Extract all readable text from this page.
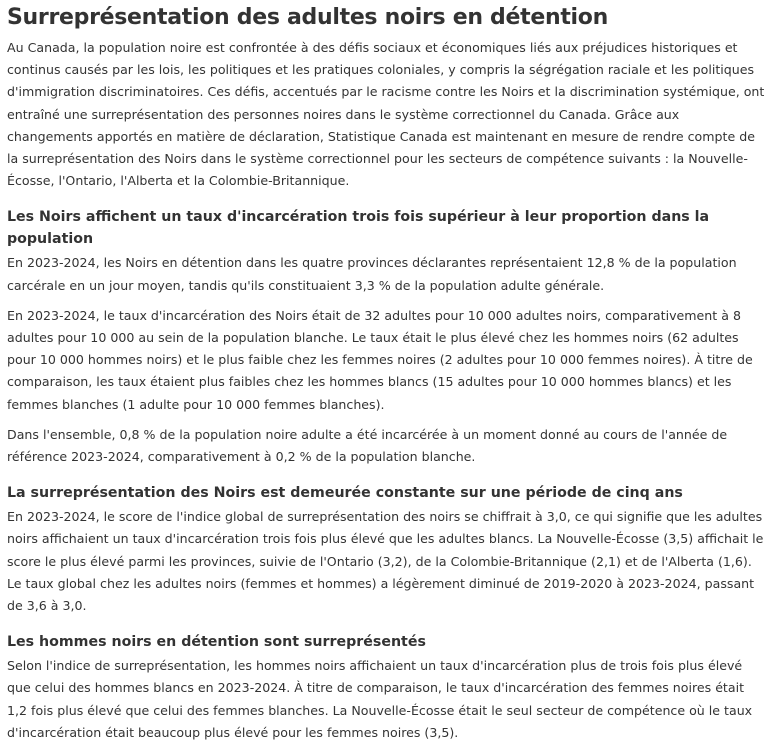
Surreprésentation des adultes noirs en détention

Au Canada, la population noire est confrontée à des défis sociaux et économiques liés aux préjudices historiques et continus causés par les lois, les politiques et les pratiques coloniales, y compris la ségrégation raciale et les politiques d'immigration discriminatoires. Ces défis, accentués par le racisme contre les Noirs et la discrimination systémique, ont entraîné une surreprésentation des personnes noires dans le système correctionnel du Canada. Grâce aux changements apportés en matière de déclaration, Statistique Canada est maintenant en mesure de rendre compte de la surreprésentation des Noirs dans le système correctionnel pour les secteurs de compétence suivants : la Nouvelle-Écosse, l'Ontario, l'Alberta et la Colombie-Britannique.

Les Noirs affichent un taux d'incarcération trois fois supérieur à leur proportion dans la population

En 2023-2024, les Noirs en détention dans les quatre provinces déclarantes représentaient 12,8 % de la population carcérale en un jour moyen, tandis qu'ils constituaient 3,3 % de la population adulte générale.

En 2023-2024, le taux d'incarcération des Noirs était de 32 adultes pour 10 000 adultes noirs, comparativement à 8 adultes pour 10 000 au sein de la population blanche. Le taux était le plus élevé chez les hommes noirs (62 adultes pour 10 000 hommes noirs) et le plus faible chez les femmes noires (2 adultes pour 10 000 femmes noires). À titre de comparaison, les taux étaient plus faibles chez les hommes blancs (15 adultes pour 10 000 hommes blancs) et les femmes blanches (1 adulte pour 10 000 femmes blanches).

Dans l'ensemble, 0,8 % de la population noire adulte a été incarcérée à un moment donné au cours de l'année de référence 2023-2024, comparativement à 0,2 % de la population blanche.

La surreprésentation des Noirs est demeurée constante sur une période de cinq ans

En 2023-2024, le score de l'indice global de surreprésentation des noirs se chiffrait à 3,0, ce qui signifie que les adultes noirs affichaient un taux d'incarcération trois fois plus élevé que les adultes blancs. La Nouvelle-Écosse (3,5) affichait le score le plus élevé parmi les provinces, suivie de l'Ontario (3,2), de la Colombie-Britannique (2,1) et de l'Alberta (1,6). Le taux global chez les adultes noirs (femmes et hommes) a légèrement diminué de 2019-2020 à 2023-2024, passant de 3,6 à 3,0.

Les hommes noirs en détention sont surreprésentés

Selon l'indice de surreprésentation, les hommes noirs affichaient un taux d'incarcération plus de trois fois plus élevé que celui des hommes blancs en 2023-2024. À titre de comparaison, le taux d'incarcération des femmes noires était 1,2 fois plus élevé que celui des femmes blanches. La Nouvelle-Écosse était le seul secteur de compétence où le taux d'incarcération était beaucoup plus élevé pour les femmes noires (3,5).
